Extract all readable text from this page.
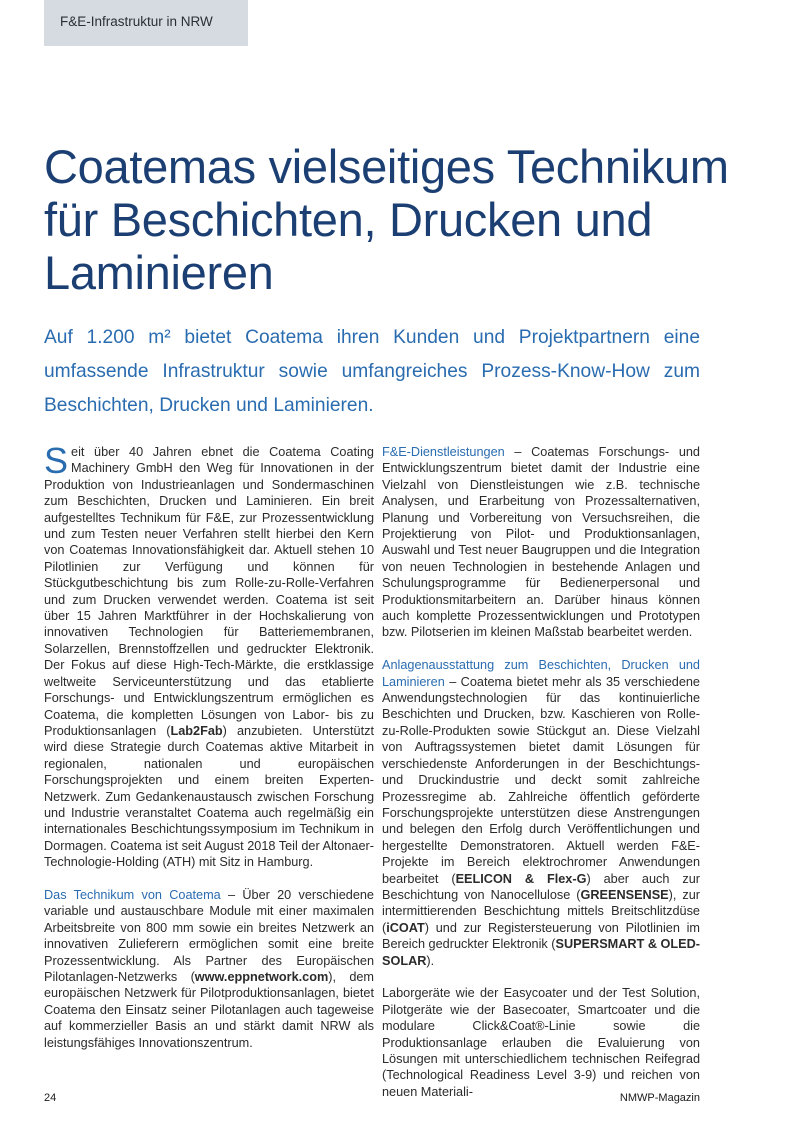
F&E-Infrastruktur in NRW
Coatemas vielseitiges Technikum für Beschichten, Drucken und Laminieren
Auf 1.200 m² bietet Coatema ihren Kunden und Projektpartnern eine umfassende Infrastruktur sowie umfangreiches Prozess-Know-How zum Beschichten, Drucken und Laminieren.

Seit über 40 Jahren ebnet die Coatema Coating Machinery GmbH den Weg für Innovationen in der Produktion von Industrieanlagen und Sondermaschinen zum Beschichten, Drucken und Laminieren. Ein breit aufgestelltes Technikum für F&E, zur Prozessentwicklung und zum Testen neuer Verfahren stellt hierbei den Kern von Coatemas Innovationsfähigkeit dar. Aktuell stehen 10 Pilotlinien zur Verfügung und können für Stückgutbeschichtung bis zum Rolle-zu-Rolle-Verfahren und zum Drucken verwendet werden. Coatema ist seit über 15 Jahren Marktführer in der Hochskalierung von innovativen Technologien für Batteriemembranen, Solarzellen, Brennstoffzellen und gedruckter Elektronik. Der Fokus auf diese High-Tech-Märkte, die erstklassige weltweite Serviceunterstützung und das etablierte Forschungs- und Entwicklungszentrum ermöglichen es Coatema, die kompletten Lösungen von Labor- bis zu Produktionsanlagen (Lab2Fab) anzubieten. Unterstützt wird diese Strategie durch Coatemas aktive Mitarbeit in regionalen, nationalen und europäischen Forschungsprojekten und einem breiten Experten-Netzwerk. Zum Gedankenaustausch zwischen Forschung und Industrie veranstaltet Coatema auch regelmäßig ein internationales Beschichtungssymposium im Technikum in Dormagen. Coatema ist seit August 2018 Teil der Altonaer-Technologie-Holding (ATH) mit Sitz in Hamburg.

Das Technikum von Coatema – Über 20 verschiedene variable und austauschbare Module mit einer maximalen Arbeitsbreite von 800 mm sowie ein breites Netzwerk an innovativen Zulieferern ermöglichen somit eine breite Prozessentwicklung. Als Partner des Europäischen Pilotanlagen-Netzwerks (www.eppnetwork.com), dem europäischen Netzwerk für Pilotproduktionsanlagen, bietet Coatema den Einsatz seiner Pilotanlagen auch tageweise auf kommerzieller Basis an und stärkt damit NRW als leistungsfähiges Innovationszentrum.

F&E-Dienstleistungen – Coatemas Forschungs- und Entwicklungszentrum bietet damit der Industrie eine Vielzahl von Dienstleistungen wie z.B. technische Analysen, und Erarbeitung von Prozessalternativen, Planung und Vorbereitung von Versuchsreihen, die Projektierung von Pilot- und Produktionsanlagen, Auswahl und Test neuer Baugruppen und die Integration von neuen Technologien in bestehende Anlagen und Schulungsprogramme für Bedienerpersonal und Produktionsmitarbeitern an. Darüber hinaus können auch komplette Prozessentwicklungen und Prototypen bzw. Pilotserien im kleinen Maßstab bearbeitet werden.

Anlagenausstattung zum Beschichten, Drucken und Laminieren – Coatema bietet mehr als 35 verschiedene Anwendungstechnologien für das kontinuierliche Beschichten und Drucken, bzw. Kaschieren von Rolle-zu-Rolle-Produkten sowie Stückgut an. Diese Vielzahl von Auftragssystemen bietet damit Lösungen für verschiedenste Anforderungen in der Beschichtungs- und Druckindustrie und deckt somit zahlreiche Prozessregime ab. Zahlreiche öffentlich geförderte Forschungsprojekte unterstützen diese Anstrengungen und belegen den Erfolg durch Veröffentlichungen und hergestellte Demonstratoren. Aktuell werden F&E-Projekte im Bereich elektrochromer Anwendungen bearbeitet (EELICON & Flex-G) aber auch zur Beschichtung von Nanocellulose (GREENSENSE), zur intermittierenden Beschichtung mittels Breitschlitzdüse (iCOAT) und zur Registersteuerung von Pilotlinien im Bereich gedruckter Elektronik (SUPERSMART & OLED-SOLAR).

Laborgeräte wie der Easycoater und der Test Solution, Pilotgeräte wie der Basecoater, Smartcoater und die modulare Click&Coat®-Linie sowie die Produktionsanlage erlauben die Evaluierung von Lösungen mit unterschiedlichem technischen Reifegrad (Technological Readiness Level 3-9) und reichen von neuen Materiali-

24	NMWP-Magazin
